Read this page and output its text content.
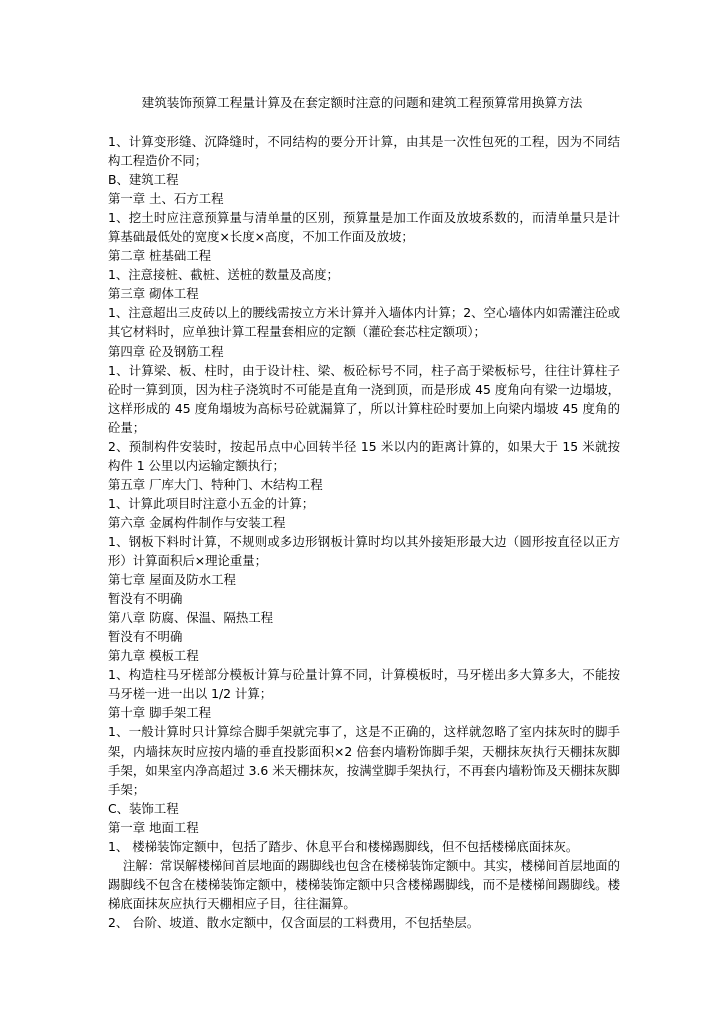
建筑装饰预算工程量计算及在套定额时注意的问题和建筑工程预算常用换算方法

1、计算变形缝、沉降缝时，不同结构的要分开计算，由其是一次性包死的工程，因为不同结构工程造价不同；

B、建筑工程

第一章 土、石方工程

1、挖土时应注意预算量与清单量的区别，预算量是加工作面及放坡系数的，而清单量只是计算基础最低处的宽度×长度×高度，不加工作面及放坡；

第二章 桩基础工程

1、注意接桩、截桩、送桩的数量及高度；

第三章 砌体工程

1、注意超出三皮砖以上的腰线需按立方米计算并入墙体内计算；2、空心墙体内如需灌注砼或其它材料时，应单独计算工程量套相应的定额（灌砼套芯柱定额项）；

第四章 砼及钢筋工程

1、计算梁、板、柱时，由于设计柱、梁、板砼标号不同，柱子高于梁板标号，往往计算柱子砼时一算到顶，因为柱子浇筑时不可能是直角一浇到顶，而是形成 45 度角向有梁一边塌坡，这样形成的 45 度角塌坡为高标号砼就漏算了，所以计算柱砼时要加上向梁内塌坡 45 度角的砼量；

2、预制构件安装时，按起吊点中心回转半径 15 米以内的距离计算的，如果大于 15 米就按构件 1 公里以内运输定额执行；

第五章 厂库大门、特种门、木结构工程

1、计算此项目时注意小五金的计算；

第六章 金属构件制作与安装工程

1、钢板下料时计算，不规则或多边形钢板计算时均以其外接矩形最大边（圆形按直径以正方形）计算面积后×理论重量；

第七章 屋面及防水工程

暂没有不明确

第八章 防腐、保温、隔热工程

暂没有不明确

第九章 模板工程

1、构造柱马牙槎部分模板计算与砼量计算不同，计算模板时，马牙槎出多大算多大，不能按马牙槎一进一出以 1/2 计算；

第十章 脚手架工程

1、一般计算时只计算综合脚手架就完事了，这是不正确的，这样就忽略了室内抹灰时的脚手架，内墙抹灰时应按内墙的垂直投影面积×2 倍套内墙粉饰脚手架，天棚抹灰执行天棚抹灰脚手架，如果室内净高超过 3.6 米天棚抹灰，按满堂脚手架执行，不再套内墙粉饰及天棚抹灰脚手架；

C、装饰工程

第一章 地面工程

1、 楼梯装饰定额中，包括了踏步、休息平台和楼梯踢脚线，但不包括楼梯底面抹灰。

注解：常误解楼梯间首层地面的踢脚线也包含在楼梯装饰定额中。其实，楼梯间首层地面的踢脚线不包含在楼梯装饰定额中，楼梯装饰定额中只含楼梯踢脚线，而不是楼梯间踢脚线。楼梯底面抹灰应执行天棚相应子目，往往漏算。

2、 台阶、坡道、散水定额中，仅含面层的工料费用，不包括垫层。
